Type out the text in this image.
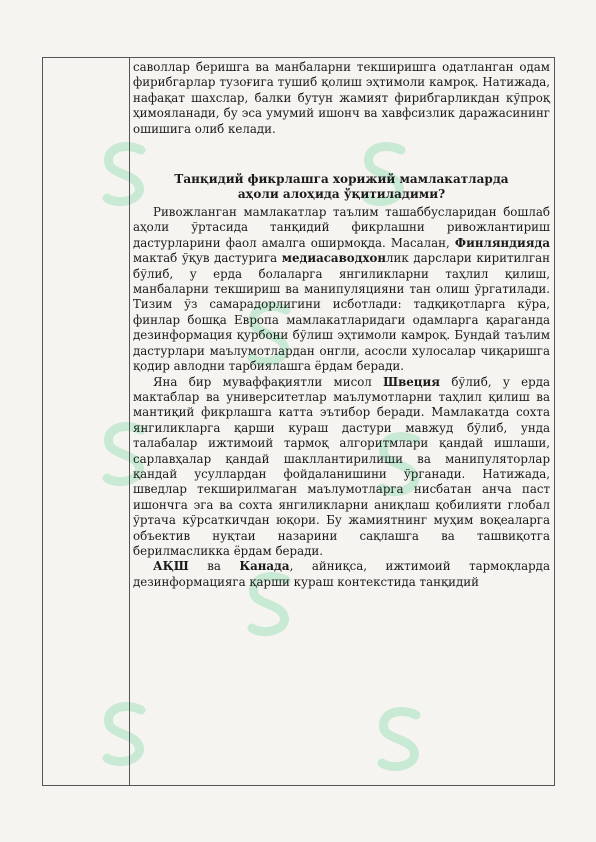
саволлар беришга ва манбаларни текширишга одатланган одам фирибгарлар тузоғига тушиб қолиш эҳтимоли камроқ. Натижада, нафақат шахслар, балки бутун жамият фирибгарликдан кўпроқ ҳимояланади, бу эса умумий ишонч ва хавфсизлик даражасининг ошишига олиб келади.

Танқидий фикрлашга хорижий мамлакатларда
аҳоли алоҳида ўқитиладими?

Ривожланган мамлакатлар таълим ташаббусларидан бошлаб аҳоли ўртасида танқидий фикрлашни ривожлантириш дастурларини фаол амалга оширмоқда. Масалан, Финляндияда мактаб ўқув дастурига медиасаводхонлик дарслари киритилган бўлиб, у ерда болаларга янгиликларни таҳлил қилиш, манбаларни текшириш ва манипуляцияни тан олиш ўргатилади. Тизим ўз самарадорлигини исботлади: тадқиқотларга кўра, финлар бошқа Европа мамлакатларидаги одамларга қараганда дезинформация қурбони бўлиш эҳтимоли камроқ. Бундай таълим дастурлари маълумотлардан онгли, асосли хулосалар чиқаришга қодир авлодни тарбиялашга ёрдам беради.

Яна бир муваффақиятли мисол Швеция бўлиб, у ерда мактаблар ва университетлар маълумотларни таҳлил қилиш ва мантиқий фикрлашга катта эътибор беради. Мамлакатда сохта янгиликларга қарши кураш дастури мавжуд бўлиб, унда талабалар ижтимоий тармоқ алгоритмлари қандай ишлаши, сарлавҳалар қандай шакллантирилиши ва манипуляторлар қандай усуллардан фойдаланишини ўрганади. Натижада, шведлар текширилмаган маълумотларга нисбатан анча паст ишончга эга ва сохта янгиликларни аниқлаш қобилияти глобал ўртача кўрсаткичдан юқори. Бу жамиятнинг муҳим воқеаларга объектив нуқтаи назарини сақлашга ва ташвиқотга берилмасликка ёрдам беради.

АҚШ ва Канада, айниқса, ижтимоий тармоқларда дезинформацияга қарши кураш контекстида танқидий
